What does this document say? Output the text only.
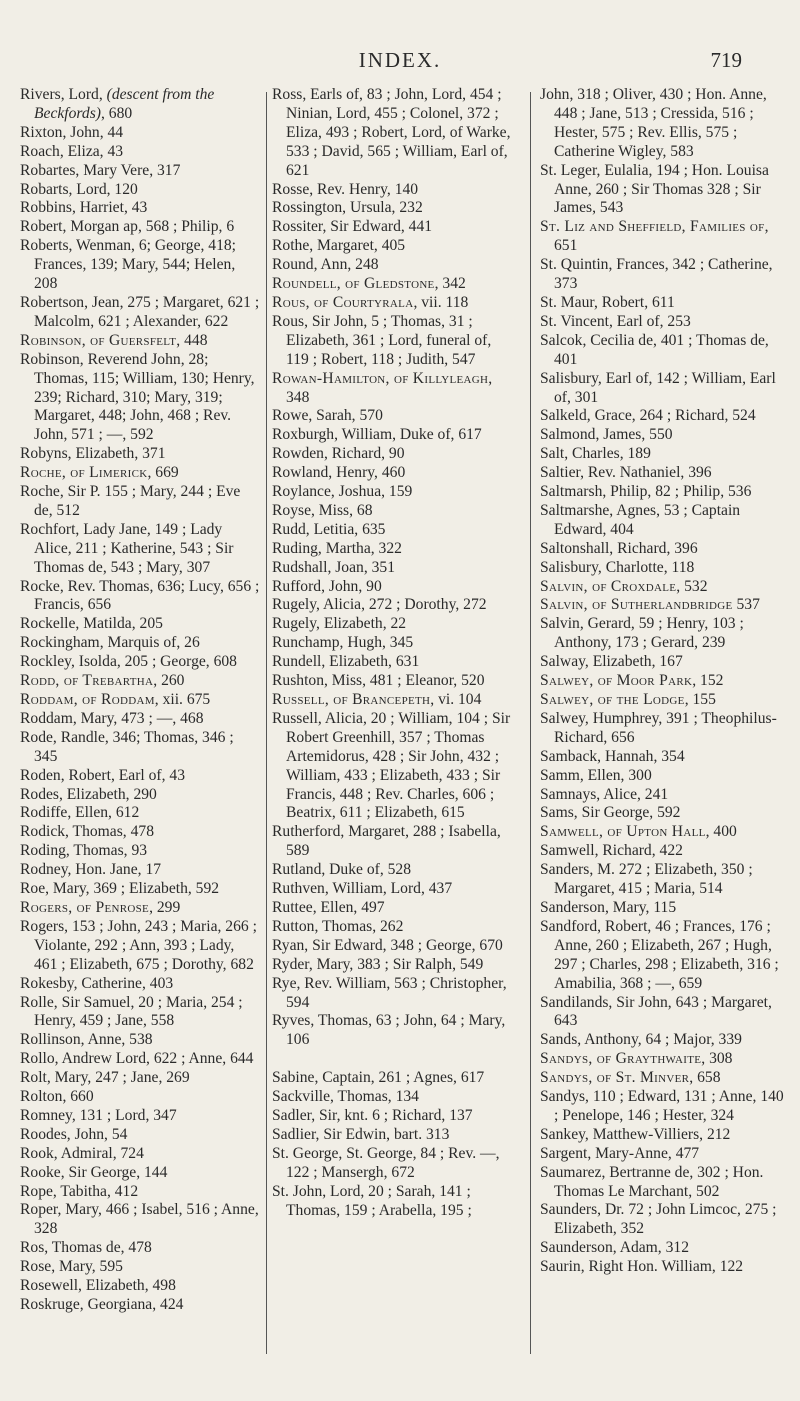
INDEX.	719

Rivers, Lord, (descent from the Beckfords), 680

Rixton, John, 44

Roach, Eliza, 43

Robartes, Mary Vere, 317

Robarts, Lord, 120

Robbins, Harriet, 43

Robert, Morgan ap, 568 ; Philip, 6

Roberts, Wenman, 6; George, 418; Frances, 139; Mary, 544; Helen, 208

Robertson, Jean, 275 ; Margaret, 621 ; Malcolm, 621 ; Alexander, 622

Robinson, of Guersfelt, 448

Robinson, Reverend John, 28; Thomas, 115; William, 130; Henry, 239; Richard, 310; Mary, 319; Margaret, 448; John, 468 ; Rev. John, 571 ; —, 592

Robyns, Elizabeth, 371

Roche, of Limerick, 669

Roche, Sir P. 155 ; Mary, 244 ; Eve de, 512

Rochfort, Lady Jane, 149 ; Lady Alice, 211 ; Katherine, 543 ; Sir Thomas de, 543 ; Mary, 307

Rocke, Rev. Thomas, 636; Lucy, 656 ; Francis, 656

Rockelle, Matilda, 205

Rockingham, Marquis of, 26

Rockley, Isolda, 205 ; George, 608

Rodd, of Trebartha, 260

Roddam, of Roddam, xii. 675

Roddam, Mary, 473 ; —, 468

Rode, Randle, 346; Thomas, 346 ; 345

Roden, Robert, Earl of, 43

Rodes, Elizabeth, 290

Rodiffe, Ellen, 612

Rodick, Thomas, 478

Roding, Thomas, 93

Rodney, Hon. Jane, 17

Roe, Mary, 369 ; Elizabeth, 592

Rogers, of Penrose, 299

Rogers, 153 ; John, 243 ; Maria, 266 ; Violante, 292 ; Ann, 393 ; Lady, 461 ; Elizabeth, 675 ; Dorothy, 682

Rokesby, Catherine, 403

Rolle, Sir Samuel, 20 ; Maria, 254 ; Henry, 459 ; Jane, 558

Rollinson, Anne, 538

Rollo, Andrew Lord, 622 ; Anne, 644

Rolt, Mary, 247 ; Jane, 269

Rolton, 660

Romney, 131 ; Lord, 347

Roodes, John, 54

Rook, Admiral, 724

Rooke, Sir George, 144

Rope, Tabitha, 412

Roper, Mary, 466 ; Isabel, 516 ; Anne, 328

Ros, Thomas de, 478

Rose, Mary, 595

Rosewell, Elizabeth, 498

Roskruge, Georgiana, 424

Ross, Earls of, 83 ; John, Lord, 454 ; Ninian, Lord, 455 ; Colonel, 372 ; Eliza, 493 ; Robert, Lord, of Warke, 533 ; David, 565 ; William, Earl of, 621

Rosse, Rev. Henry, 140

Rossington, Ursula, 232

Rossiter, Sir Edward, 441

Rothe, Margaret, 405

Round, Ann, 248

Roundell, of Gledstone, 342

Rous, of Courtyrala, vii. 118

Rous, Sir John, 5 ; Thomas, 31 ; Elizabeth, 361 ; Lord, funeral of, 119 ; Robert, 118 ; Judith, 547

Rowan-Hamilton, of Killyleagh, 348

Rowe, Sarah, 570

Roxburgh, William, Duke of, 617

Rowden, Richard, 90

Rowland, Henry, 460

Roylance, Joshua, 159

Royse, Miss, 68

Rudd, Letitia, 635

Ruding, Martha, 322

Rudshall, Joan, 351

Rufford, John, 90

Rugely, Alicia, 272 ; Dorothy, 272

Rugely, Elizabeth, 22

Runchamp, Hugh, 345

Rundell, Elizabeth, 631

Rushton, Miss, 481 ; Eleanor, 520

Russell, of Brancepeth, vi. 104

Russell, Alicia, 20 ; William, 104 ; Sir Robert Greenhill, 357 ; Thomas Artemidorus, 428 ; Sir John, 432 ; William, 433 ; Elizabeth, 433 ; Sir Francis, 448 ; Rev. Charles, 606 ; Beatrix, 611 ; Elizabeth, 615

Rutherford, Margaret, 288 ; Isabella, 589

Rutland, Duke of, 528

Ruthven, William, Lord, 437

Ruttee, Ellen, 497

Rutton, Thomas, 262

Ryan, Sir Edward, 348 ; George, 670

Ryder, Mary, 383 ; Sir Ralph, 549

Rye, Rev. William, 563 ; Christopher, 594

Ryves, Thomas, 63 ; John, 64 ; Mary, 106

Sabine, Captain, 261 ; Agnes, 617

Sackville, Thomas, 134

Sadler, Sir, knt. 6 ; Richard, 137

Sadlier, Sir Edwin, bart. 313

St. George, St. George, 84 ; Rev. —, 122 ; Mansergh, 672

St. John, Lord, 20 ; Sarah, 141 ; Thomas, 159 ; Arabella, 195 ;

John, 318 ; Oliver, 430 ; Hon. Anne, 448 ; Jane, 513 ; Cressida, 516 ; Hester, 575 ; Rev. Ellis, 575 ; Catherine Wigley, 583

St. Leger, Eulalia, 194 ; Hon. Louisa Anne, 260 ; Sir Thomas 328 ; Sir James, 543

St. Liz and Sheffield, Families of, 651

St. Quintin, Frances, 342 ; Catherine, 373

St. Maur, Robert, 611

St. Vincent, Earl of, 253

Salcok, Cecilia de, 401 ; Thomas de, 401

Salisbury, Earl of, 142 ; William, Earl of, 301

Salkeld, Grace, 264 ; Richard, 524

Salmond, James, 550

Salt, Charles, 189

Saltier, Rev. Nathaniel, 396

Saltmarsh, Philip, 82 ; Philip, 536

Saltmarshe, Agnes, 53 ; Captain Edward, 404

Saltonshall, Richard, 396

Salisbury, Charlotte, 118

Salvin, of Croxdale, 532

Salvin, of Sutherlandbridge 537

Salvin, Gerard, 59 ; Henry, 103 ; Anthony, 173 ; Gerard, 239

Salway, Elizabeth, 167

Salwey, of Moor Park, 152

Salwey, of the Lodge, 155

Salwey, Humphrey, 391 ; Theophilus-Richard, 656

Samback, Hannah, 354

Samm, Ellen, 300

Samnays, Alice, 241

Sams, Sir George, 592

Samwell, of Upton Hall, 400

Samwell, Richard, 422

Sanders, M. 272 ; Elizabeth, 350 ; Margaret, 415 ; Maria, 514

Sanderson, Mary, 115

Sandford, Robert, 46 ; Frances, 176 ; Anne, 260 ; Elizabeth, 267 ; Hugh, 297 ; Charles, 298 ; Elizabeth, 316 ; Amabilia, 368 ; —, 659

Sandilands, Sir John, 643 ; Margaret, 643

Sands, Anthony, 64 ; Major, 339

Sandys, of Graythwaite, 308

Sandys, of St. Minver, 658

Sandys, 110 ; Edward, 131 ; Anne, 140 ; Penelope, 146 ; Hester, 324

Sankey, Matthew-Villiers, 212

Sargent, Mary-Anne, 477

Saumarez, Bertranne de, 302 ; Hon. Thomas Le Marchant, 502

Saunders, Dr. 72 ; John Limcoc, 275 ; Elizabeth, 352

Saunderson, Adam, 312

Saurin, Right Hon. William, 122
